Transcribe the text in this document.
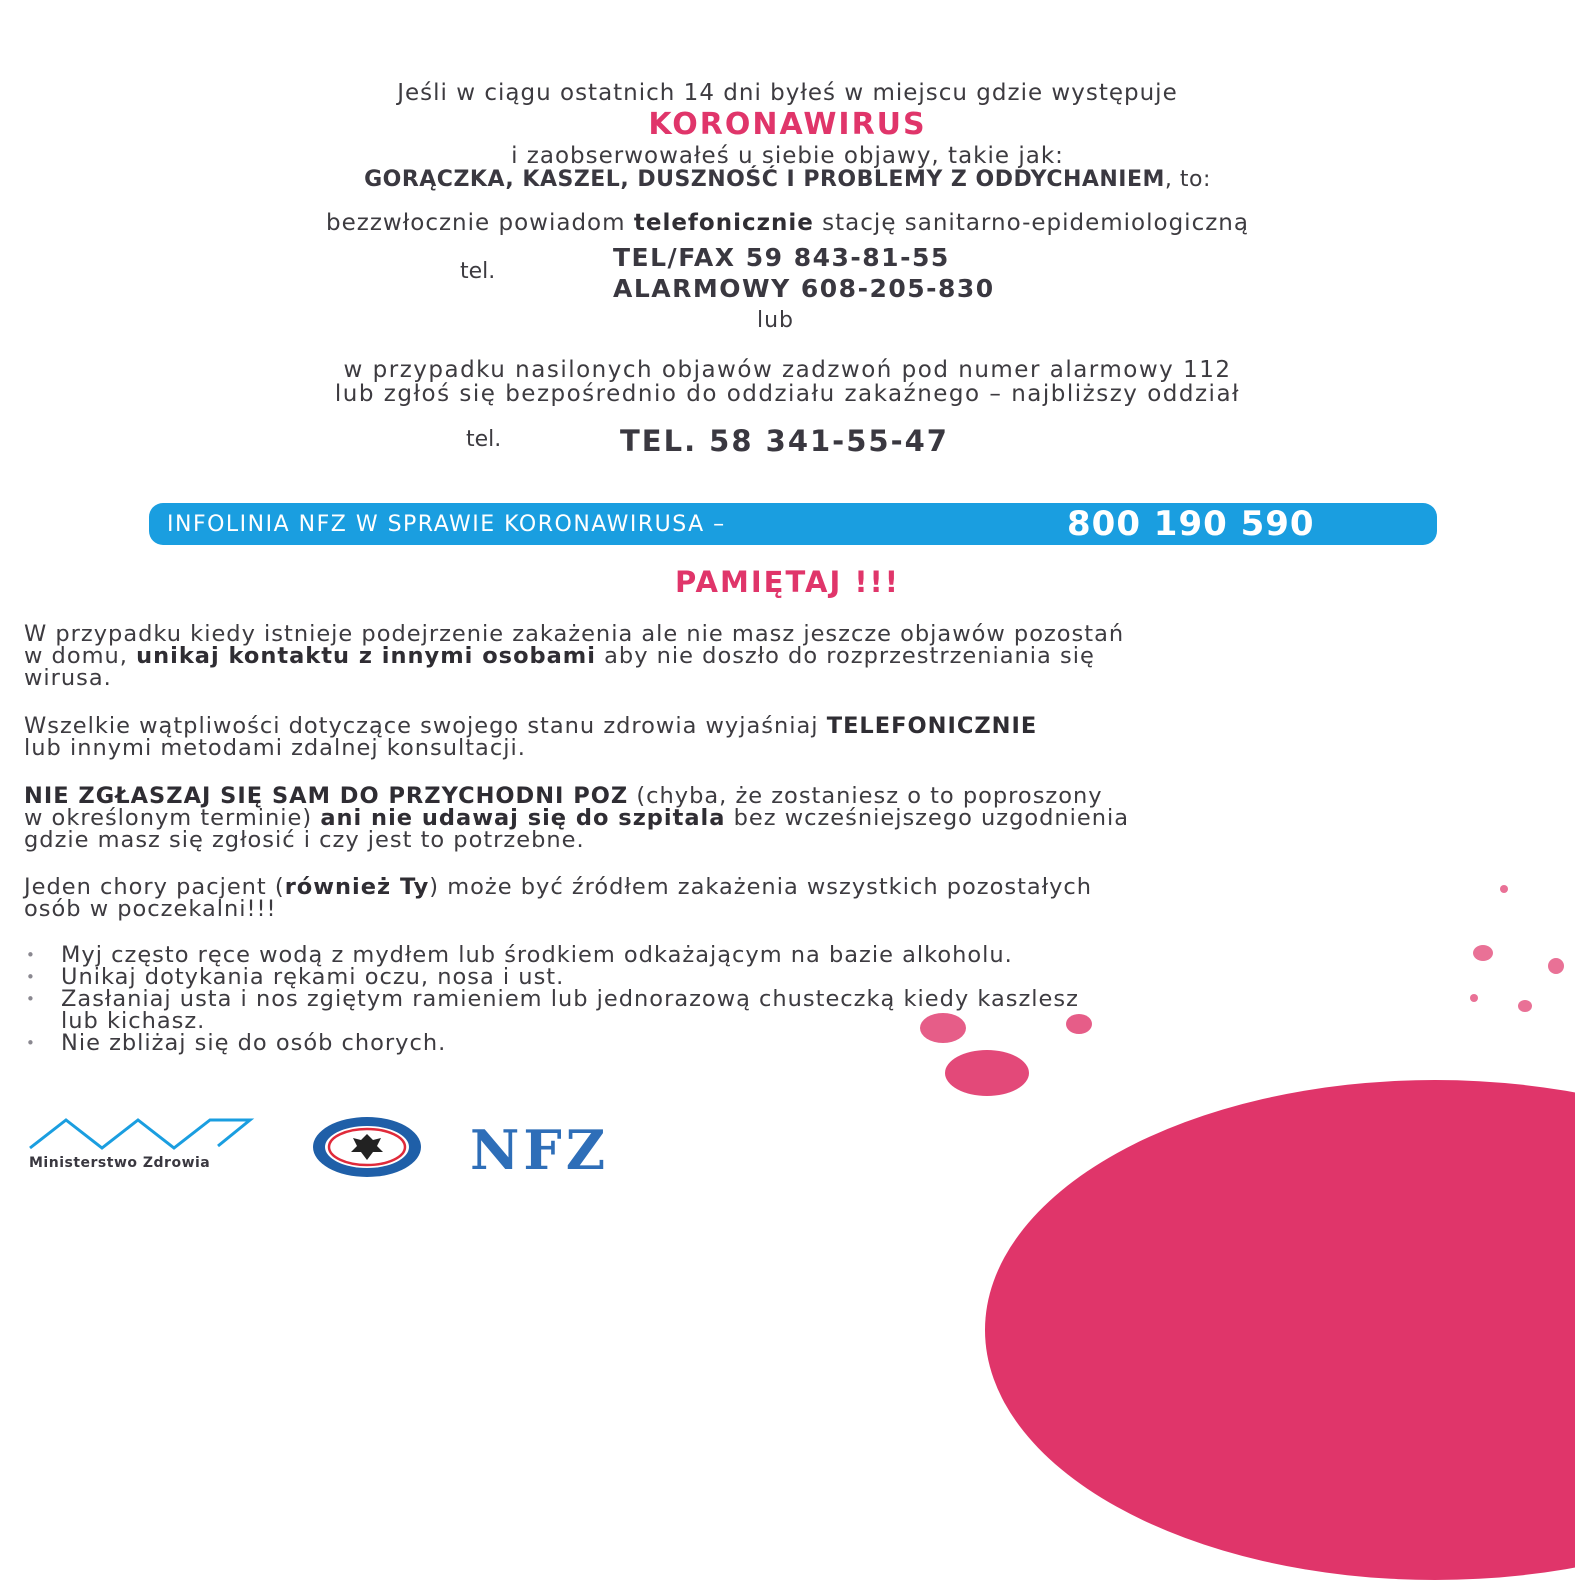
Jeśli w ciągu ostatnich 14 dni byłeś w miejscu gdzie występuje
KORONAWIRUS
i zaobserwowałeś u siebie objawy, takie jak:
GORĄCZKA, KASZEL, DUSZNOŚĆ I PROBLEMY Z ODDYCHANIEM, to:
bezzwłocznie powiadom telefonicznie stację sanitarno-epidemiologiczną
tel.	TEL/FAX 59 843-81-55
ALARMOWY 608-205-830
lub
w przypadku nasilonych objawów zadzwoń pod numer alarmowy 112
lub zgłoś się bezpośrednio do oddziału zakaźnego – najbliższy oddział
tel.	TEL. 58 341-55-47
INFOLINIA NFZ W SPRAWIE KORONAWIRUSA –	800 190 590
PAMIĘTAJ !!!
W przypadku kiedy istnieje podejrzenie zakażenia ale nie masz jeszcze objawów pozostań
w domu, unikaj kontaktu z innymi osobami aby nie doszło do rozprzestrzeniania się
wirusa.
Wszelkie wątpliwości dotyczące swojego stanu zdrowia wyjaśniaj TELEFONICZNIE
lub innymi metodami zdalnej konsultacji.
NIE ZGŁASZAJ SIĘ SAM DO PRZYCHODNI POZ (chyba, że zostaniesz o to poproszony
w określonym terminie) ani nie udawaj się do szpitala bez wcześniejszego uzgodnienia
gdzie masz się zgłosić i czy jest to potrzebne.
Jeden chory pacjent (również Ty) może być źródłem zakażenia wszystkich pozostałych
osób w poczekalni!!!
• Myj często ręce wodą z mydłem lub środkiem odkażającym na bazie alkoholu.
• Unikaj dotykania rękami oczu, nosa i ust.
• Zasłaniaj usta i nos zgiętym ramieniem lub jednorazową chusteczką kiedy kaszlesz
lub kichasz.
• Nie zbliżaj się do osób chorych.
Ministerstwo Zdrowia	NFZ
